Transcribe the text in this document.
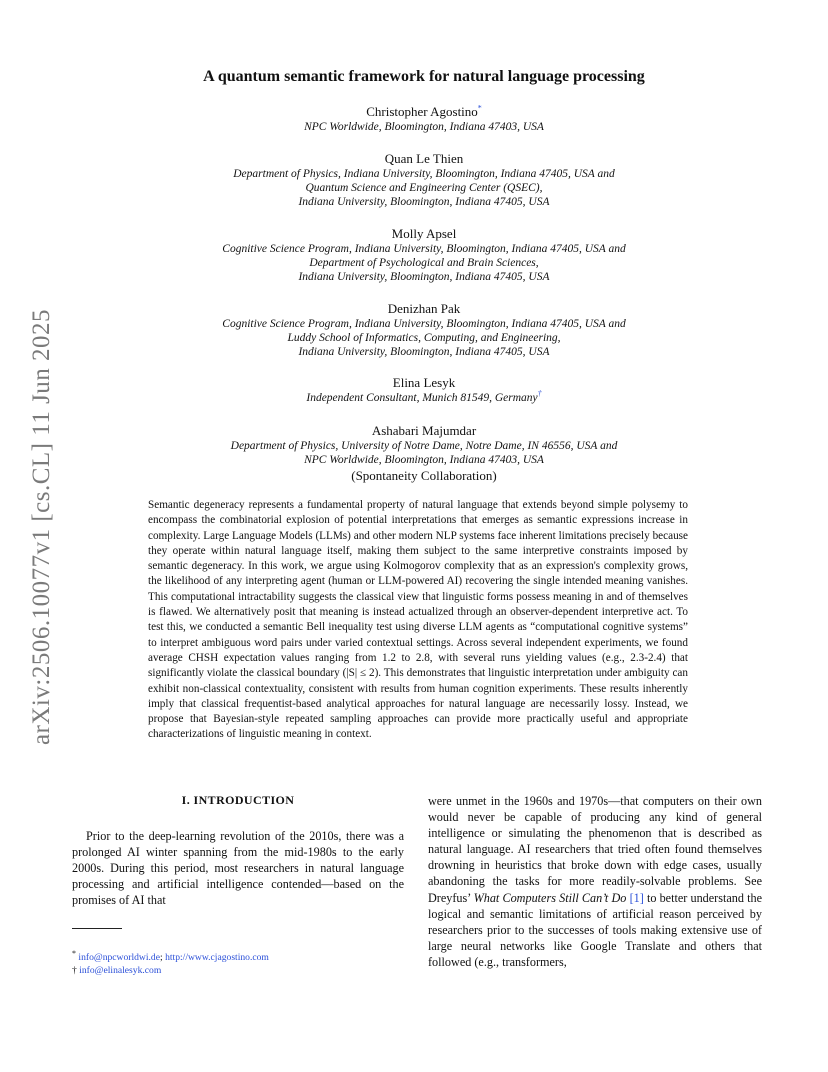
arXiv:2506.10077v1 [cs.CL] 11 Jun 2025
A quantum semantic framework for natural language processing
Christopher Agostino*
NPC Worldwide, Bloomington, Indiana 47403, USA
Quan Le Thien
Department of Physics, Indiana University, Bloomington, Indiana 47405, USA and
Quantum Science and Engineering Center (QSEC),
Indiana University, Bloomington, Indiana 47405, USA
Molly Apsel
Cognitive Science Program, Indiana University, Bloomington, Indiana 47405, USA and
Department of Psychological and Brain Sciences,
Indiana University, Bloomington, Indiana 47405, USA
Denizhan Pak
Cognitive Science Program, Indiana University, Bloomington, Indiana 47405, USA and
Luddy School of Informatics, Computing, and Engineering,
Indiana University, Bloomington, Indiana 47405, USA
Elina Lesyk
Independent Consultant, Munich 81549, Germany†
Ashabari Majumdar
Department of Physics, University of Notre Dame, Notre Dame, IN 46556, USA and
NPC Worldwide, Bloomington, Indiana 47403, USA
(Spontaneity Collaboration)
Semantic degeneracy represents a fundamental property of natural language that extends beyond simple polysemy to encompass the combinatorial explosion of potential interpretations that emerges as semantic expressions increase in complexity. Large Language Models (LLMs) and other modern NLP systems face inherent limitations precisely because they operate within natural language itself, making them subject to the same interpretive constraints imposed by semantic degeneracy. In this work, we argue using Kolmogorov complexity that as an expression's complexity grows, the likelihood of any interpreting agent (human or LLM-powered AI) recovering the single intended meaning vanishes. This computational intractability suggests the classical view that linguistic forms possess meaning in and of themselves is flawed. We alternatively posit that meaning is instead actualized through an observer-dependent interpretive act. To test this, we conducted a semantic Bell inequality test using diverse LLM agents as “computational cognitive systems” to interpret ambiguous word pairs under varied contextual settings. Across several independent experiments, we found average CHSH expectation values ranging from 1.2 to 2.8, with several runs yielding values (e.g., 2.3-2.4) that significantly violate the classical boundary (|S| ≤ 2). This demonstrates that linguistic interpretation under ambiguity can exhibit non-classical contextuality, consistent with results from human cognition experiments. These results inherently imply that classical frequentist-based analytical approaches for natural language are necessarily lossy. Instead, we propose that Bayesian-style repeated sampling approaches can provide more practically useful and appropriate characterizations of linguistic meaning in context.
I. INTRODUCTION
Prior to the deep-learning revolution of the 2010s, there was a prolonged AI winter spanning from the mid-1980s to the early 2000s. During this period, most researchers in natural language processing and artificial intelligence contended—based on the promises of AI that
* info@npcworldwi.de; http://www.cjagostino.com
† info@elinalesyk.com
were unmet in the 1960s and 1970s—that computers on their own would never be capable of producing any kind of general intelligence or simulating the phenomenon that is described as natural language. AI researchers that tried often found themselves drowning in heuristics that broke down with edge cases, usually abandoning the tasks for more readily-solvable problems. See Dreyfus’ What Computers Still Can’t Do [1] to better understand the logical and semantic limitations of artificial reason perceived by researchers prior to the successes of tools making extensive use of large neural networks like Google Translate and others that followed (e.g., transformers,
